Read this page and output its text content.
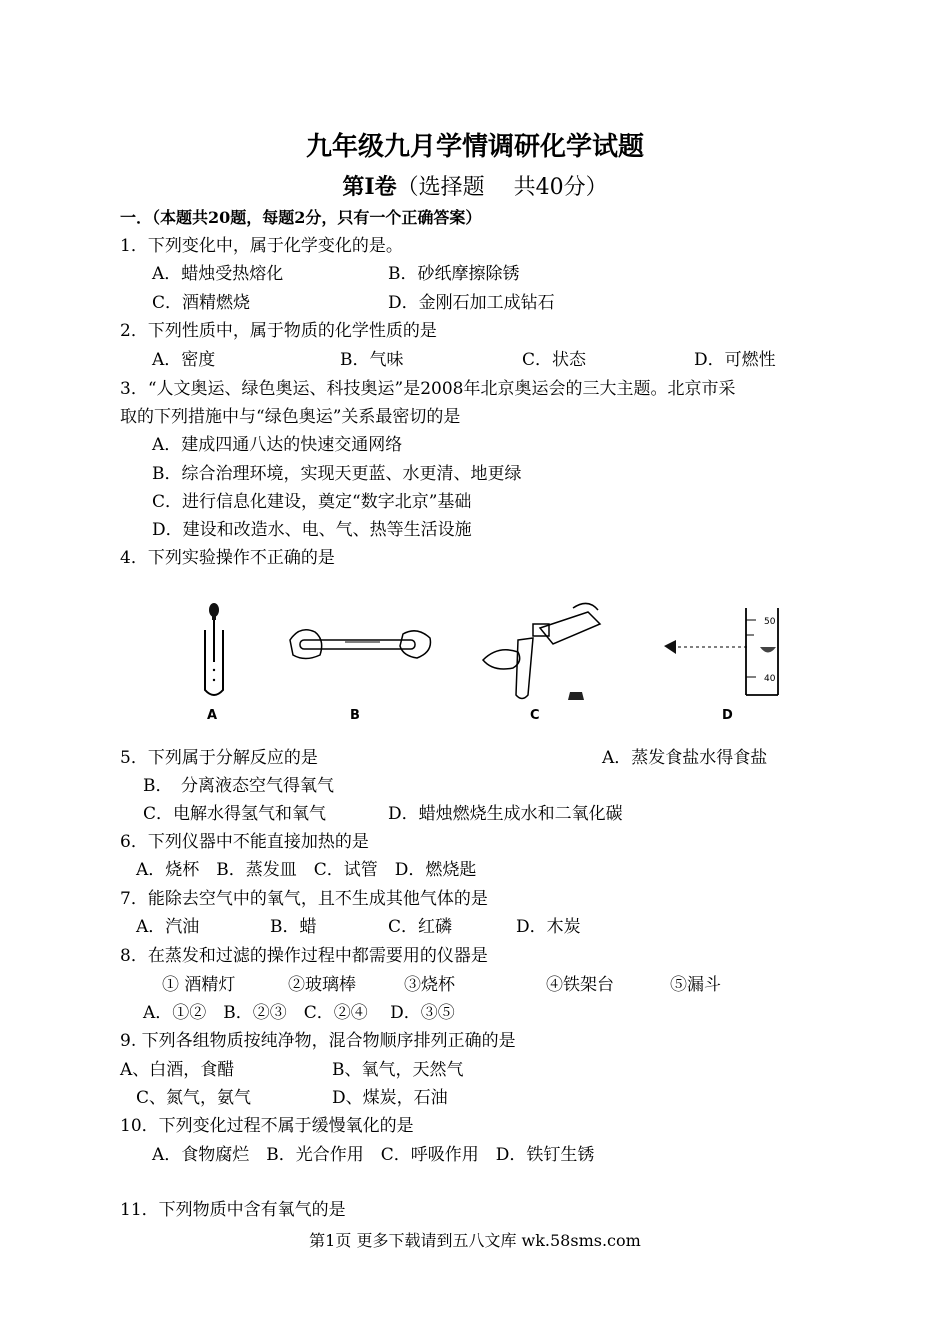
九年级九月学情调研化学试题
第Ⅰ卷（选择题　 共40分）
一．（本题共20题，每题2分，只有一个正确答案）
1．下列变化中，属于化学变化的是。
A．蜡烛受热熔化	B．砂纸摩擦除锈
C．酒精燃烧	D．金刚石加工成钻石
2．下列性质中，属于物质的化学性质的是
A．密度	B．气味	C．状态	D．可燃性
3．“人文奥运、绿色奥运、科技奥运”是2008年北京奥运会的三大主题。北京市采
取的下列措施中与“绿色奥运”关系最密切的是
A．建成四通八达的快速交通网络
B．综合治理环境，实现天更蓝、水更清、地更绿
C．进行信息化建设，奠定“数字北京”基础
D．建设和改造水、电、气、热等生活设施
4．下列实验操作不正确的是
A	B	C
50
40
D
5．下列属于分解反应的是	A．蒸发食盐水得食盐
B．　分离液态空气得氧气
C．电解水得氢气和氧气	D．蜡烛燃烧生成水和二氧化碳
6．下列仪器中不能直接加热的是
A．烧杯　B．蒸发皿　C．试管　D．燃烧匙
7．能除去空气中的氧气，且不生成其他气体的是
A．汽油	B．蜡	C．红磷	D．木炭
8．在蒸发和过滤的操作过程中都需要用的仪器是
① 酒精灯	②玻璃棒	③烧杯	④铁架台	⑤漏斗
A．①②　B．②③　C．②④　 D．③⑤
9. 下列各组物质按纯净物，混合物顺序排列正确的是
A、白酒，食醋	B、氧气，天然气
C、氮气，氨气	D、煤炭，石油
10．下列变化过程不属于缓慢氧化的是
A．食物腐烂　B．光合作用　C．呼吸作用　D．铁钉生锈
11．下列物质中含有氧气的是
第1页 更多下载请到五八文库 wk.58sms.com
